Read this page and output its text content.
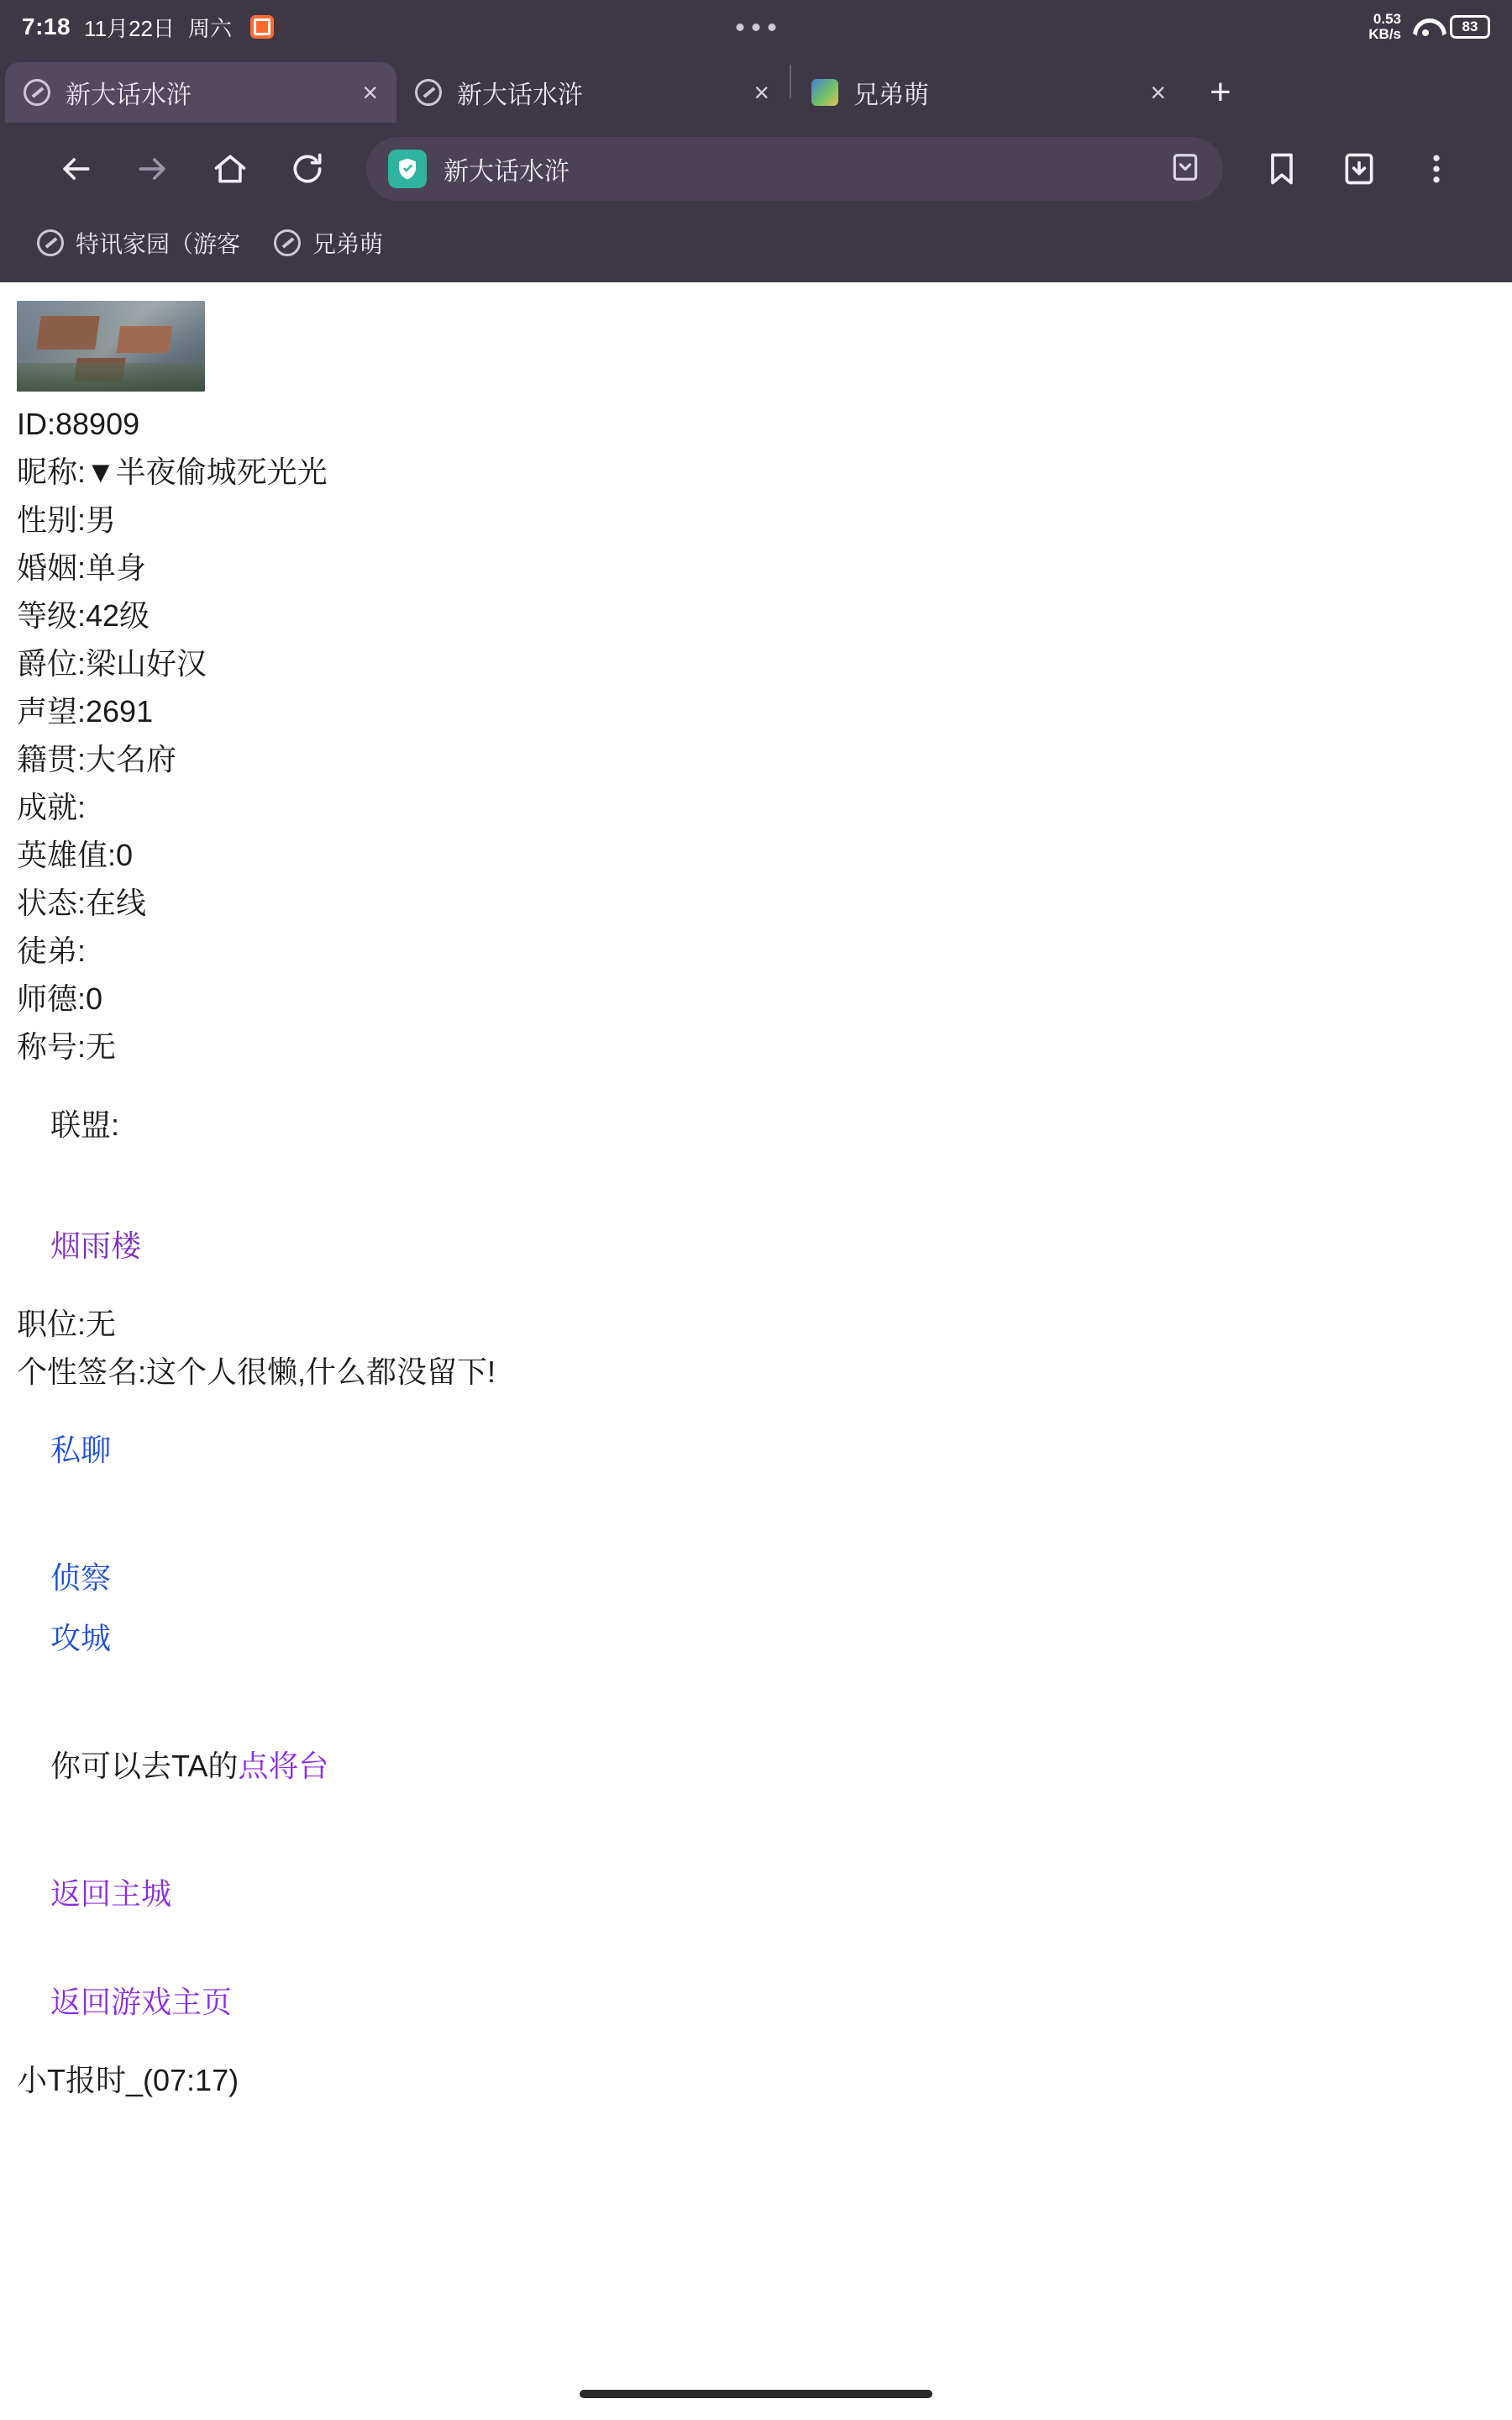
7:18 11月22日 周六	0.53
KB/s	83
新大话水浒	×	新大话水浒	×	兄弟萌	×	+
新大话水浒
特讯家园（游客	兄弟萌
ID:88909
昵称:▼半夜偷城死光光
性别:男
婚姻:单身
等级:42级
爵位:梁山好汉
声望:2691
籍贯:大名府
成就:
英雄值:0
状态:在线
徒弟:
师德:0
称号:无

联盟:

烟雨楼

职位:无
个性签名:这个人很懒,什么都没留下!

私聊

侦察

攻城

你可以去TA的点将台

返回主城

返回游戏主页

小T报时_(07:17)
